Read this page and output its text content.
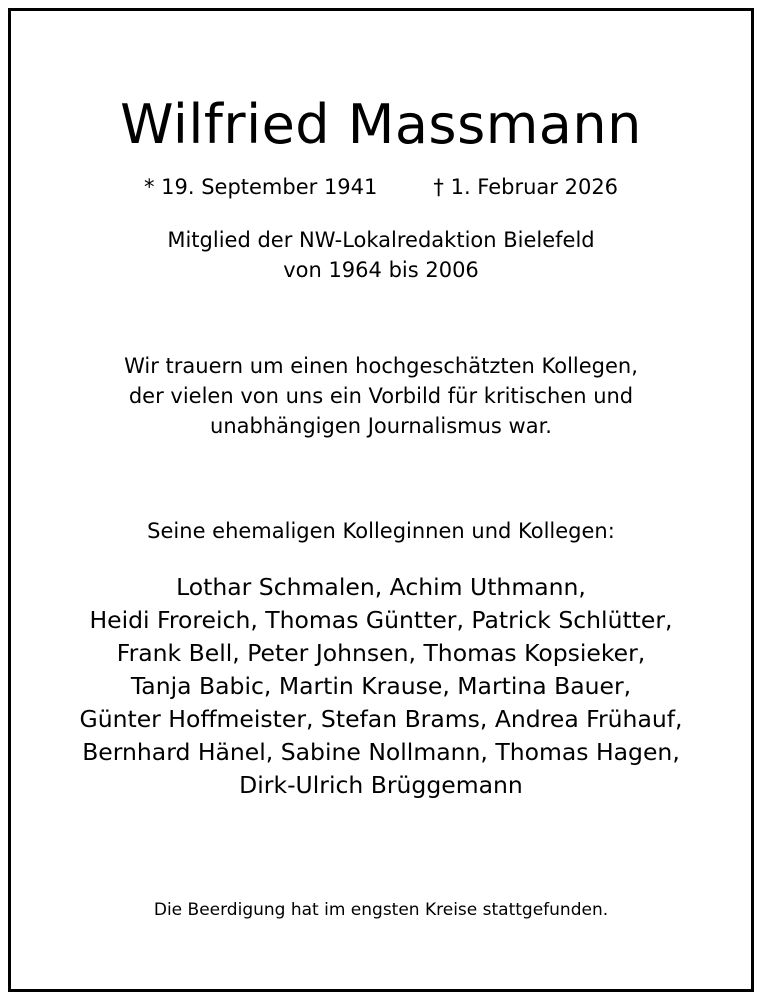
Wilfried Massmann
* 19. September 1941	† 1. Februar 2026
Mitglied der NW-Lokalredaktion Bielefeld
von 1964 bis 2006
Wir trauern um einen hochgeschätzten Kollegen,
der vielen von uns ein Vorbild für kritischen und
unabhängigen Journalismus war.
Seine ehemaligen Kolleginnen und Kollegen:
Lothar Schmalen, Achim Uthmann,
Heidi Froreich, Thomas Güntter, Patrick Schlütter,
Frank Bell, Peter Johnsen, Thomas Kopsieker,
Tanja Babic, Martin Krause, Martina Bauer,
Günter Hoffmeister, Stefan Brams, Andrea Frühauf,
Bernhard Hänel, Sabine Nollmann, Thomas Hagen,
Dirk-Ulrich Brüggemann
Die Beerdigung hat im engsten Kreise stattgefunden.
